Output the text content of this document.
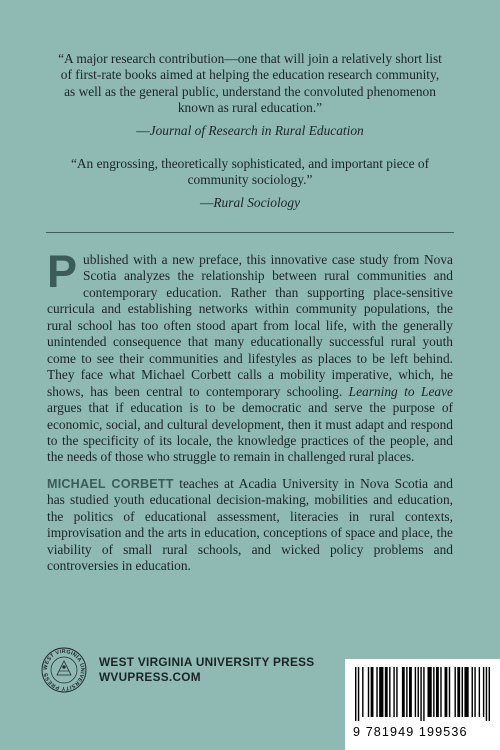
“A major research contribution—one that will join a relatively short list of first-rate books aimed at helping the education research community, as well as the general public, understand the convoluted phenomenon known as rural education.”

—Journal of Research in Rural Education

“An engrossing, theoretically sophisticated, and important piece of community sociology.”

—Rural Sociology

Published with a new preface, this innovative case study from Nova Scotia analyzes the relationship between rural communities and contemporary education. Rather than supporting place-sensitive curricula and establishing networks within community populations, the rural school has too often stood apart from local life, with the generally unintended consequence that many educationally successful rural youth come to see their communities and lifestyles as places to be left behind. They face what Michael Corbett calls a mobility imperative, which, he shows, has been central to contemporary schooling. Learning to Leave argues that if education is to be democratic and serve the purpose of economic, social, and cultural development, then it must adapt and respond to the specificity of its locale, the knowledge practices of the people, and the needs of those who struggle to remain in challenged rural places.

MICHAEL CORBETT teaches at Acadia University in Nova Scotia and has studied youth educational decision-making, mobilities and education, the politics of educational assessment, literacies in rural contexts, improvisation and the arts in education, conceptions of space and place, the viability of small rural schools, and wicked policy problems and controversies in education.

WEST VIRGINIA UNIVERSITY PRESS
WEST VIRGINIA UNIVERSITY PRESS
WVUPRESS.COM
9 781949 199536
